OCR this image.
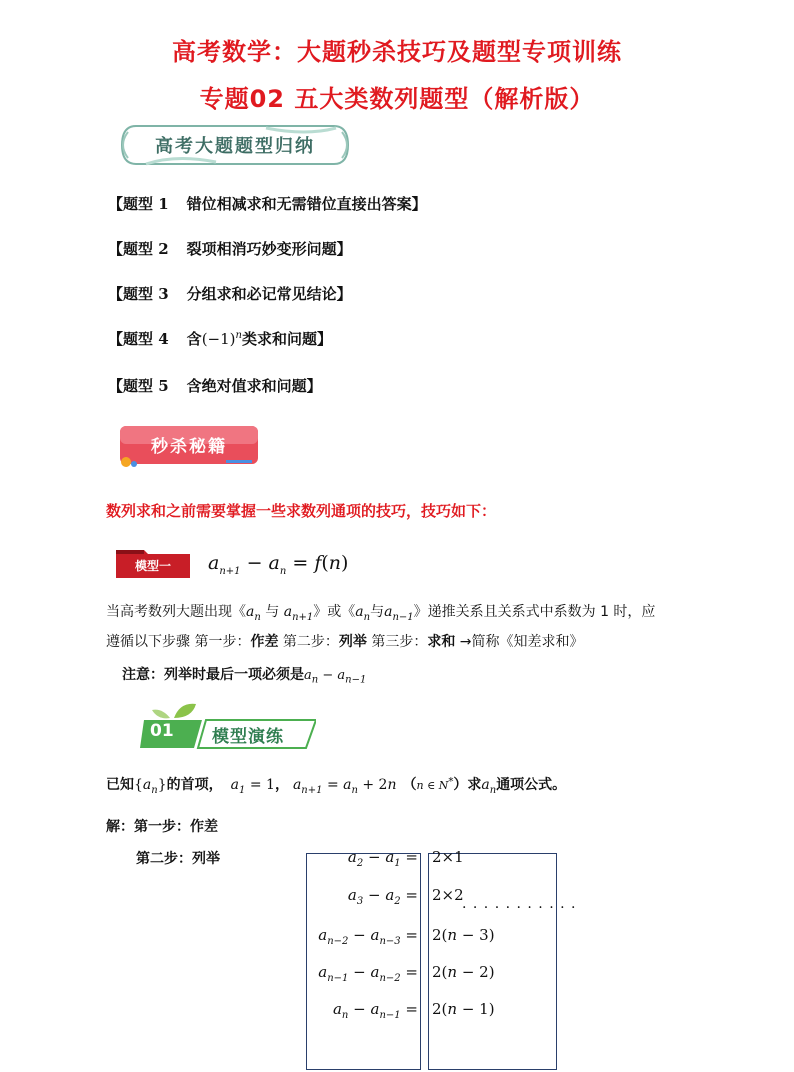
高考数学：大题秒杀技巧及题型专项训练
专题02 五大类数列题型（解析版）
高考大题题型归纳
【题型 1 错位相减求和无需错位直接出答案】
【题型 2 裂项相消巧妙变形问题】
【题型 3 分组求和必记常见结论】
【题型 4 含$(-1)^n$类求和问题】
【题型 5 含绝对值求和问题】
秒杀秘籍
数列求和之前需要掌握一些求数列通项的技巧，技巧如下：
模型一	$a_{n+1} - a_n = f(n)$
当高考数列大题出现《$a_n$ 与 $a_{n+1}$》或《$a_n$与$a_{n-1}$》递推关系且关系式中系数为 1 时，应
遵循以下步骤 第一步：作差 第二步：列举 第三步：求和 →简称《知差求和》
注意：列举时最后一项必须是$a_n - a_{n-1}$
01 模型演练
已知$\{a_n\}$的首项， $a_1 = 1$， $a_{n+1} = a_n + 2n$ （n ∈ N*）求$a_n$通项公式。
解：第一步：作差
第二步：列举	$a_2 - a_1 = 2\times 1$
$a_3 - a_2 = 2\times 2$
. . . . . . . . . . .
$a_{n-2} - a_{n-3} = 2(n - 3)$
$a_{n-1} - a_{n-2} = 2(n - 2)$
$a_n - a_{n-1} = 2(n - 1)$
